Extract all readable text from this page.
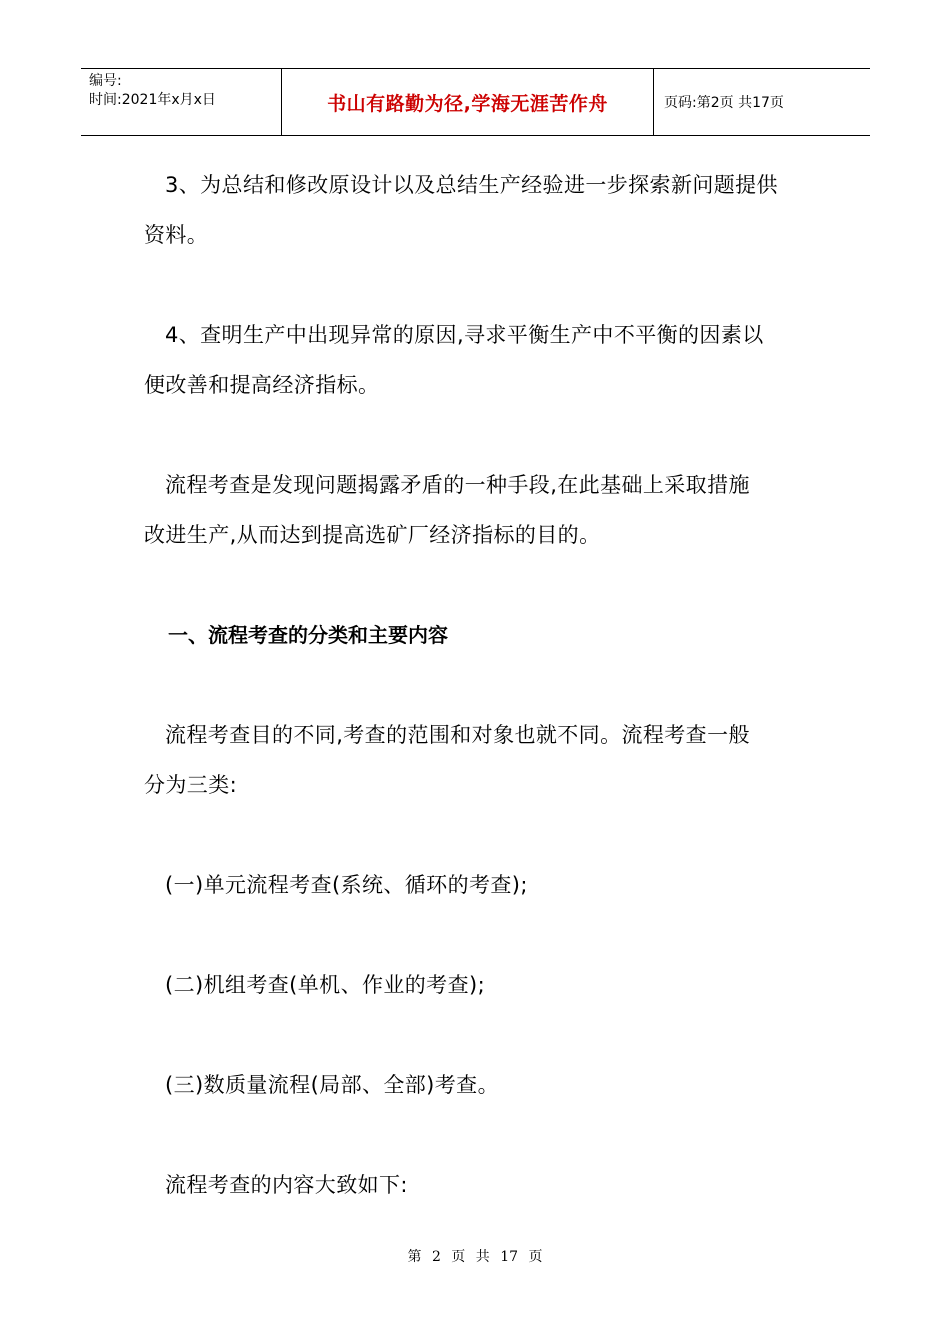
编号:
时间:2021年x月x日	书山有路勤为径,学海无涯苦作舟	页码:第2页 共17页

3、为总结和修改原设计以及总结生产经验进一步探索新问题提供

资料。

4、查明生产中出现异常的原因,寻求平衡生产中不平衡的因素以

便改善和提高经济指标。

流程考查是发现问题揭露矛盾的一种手段,在此基础上采取措施

改进生产,从而达到提高选矿厂经济指标的目的。

一、流程考查的分类和主要内容

流程考查目的不同,考查的范围和对象也就不同。流程考查一般

分为三类:

(一)单元流程考查(系统、循环的考查);

(二)机组考查(单机、作业的考查);

(三)数质量流程(局部、全部)考查。

流程考查的内容大致如下:

第 2 页 共 17 页
